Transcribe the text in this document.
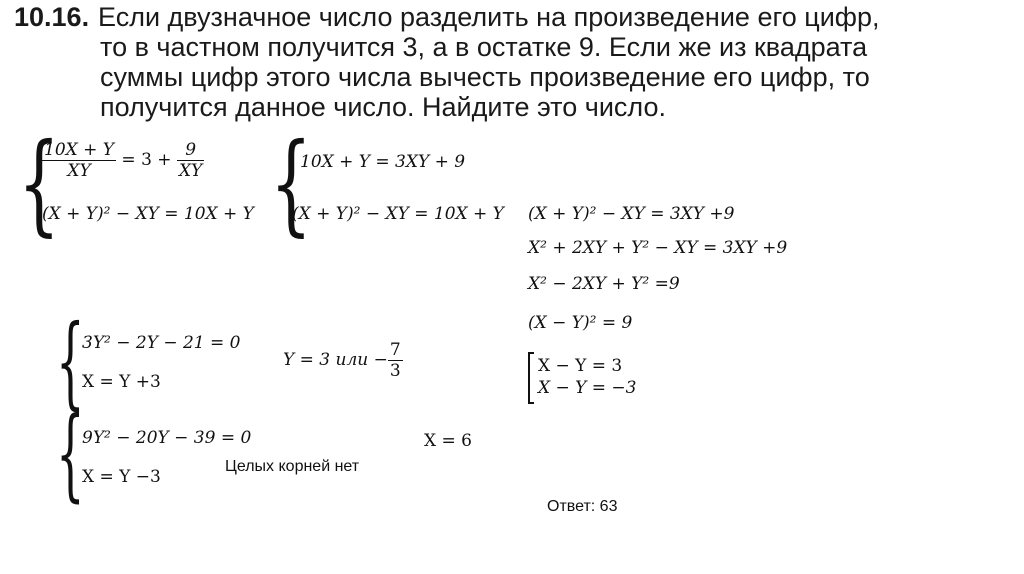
10.16. Если двузначное число разделить на произведение его цифр,
то в частном получится 3, а в остатке 9. Если же из квадрата
суммы цифр этого числа вычесть произведение его цифр, то
получится данное число. Найдите это число.
{
$\frac{10X + Y}{XY} = 3 + \frac{9}{XY}$
(X + Y)² − XY = 10X + Y {
10X + Y = 3XY + 9
(X + Y)² − XY = 10X + Y (X + Y)² − XY = 3XY +9
X² + 2XY + Y² − XY = 3XY +9
X² − 2XY + Y² =9
(X − Y)² = 9
X − Y = 3
X − Y = −3
{
3Y² − 2Y − 21 = 0
X = Y +3
Y = 3 или − $\frac{7}{3}$
{
9Y² − 20Y − 39 = 0
X = Y −3
Целых корней нет
X = 6
Ответ: 63
